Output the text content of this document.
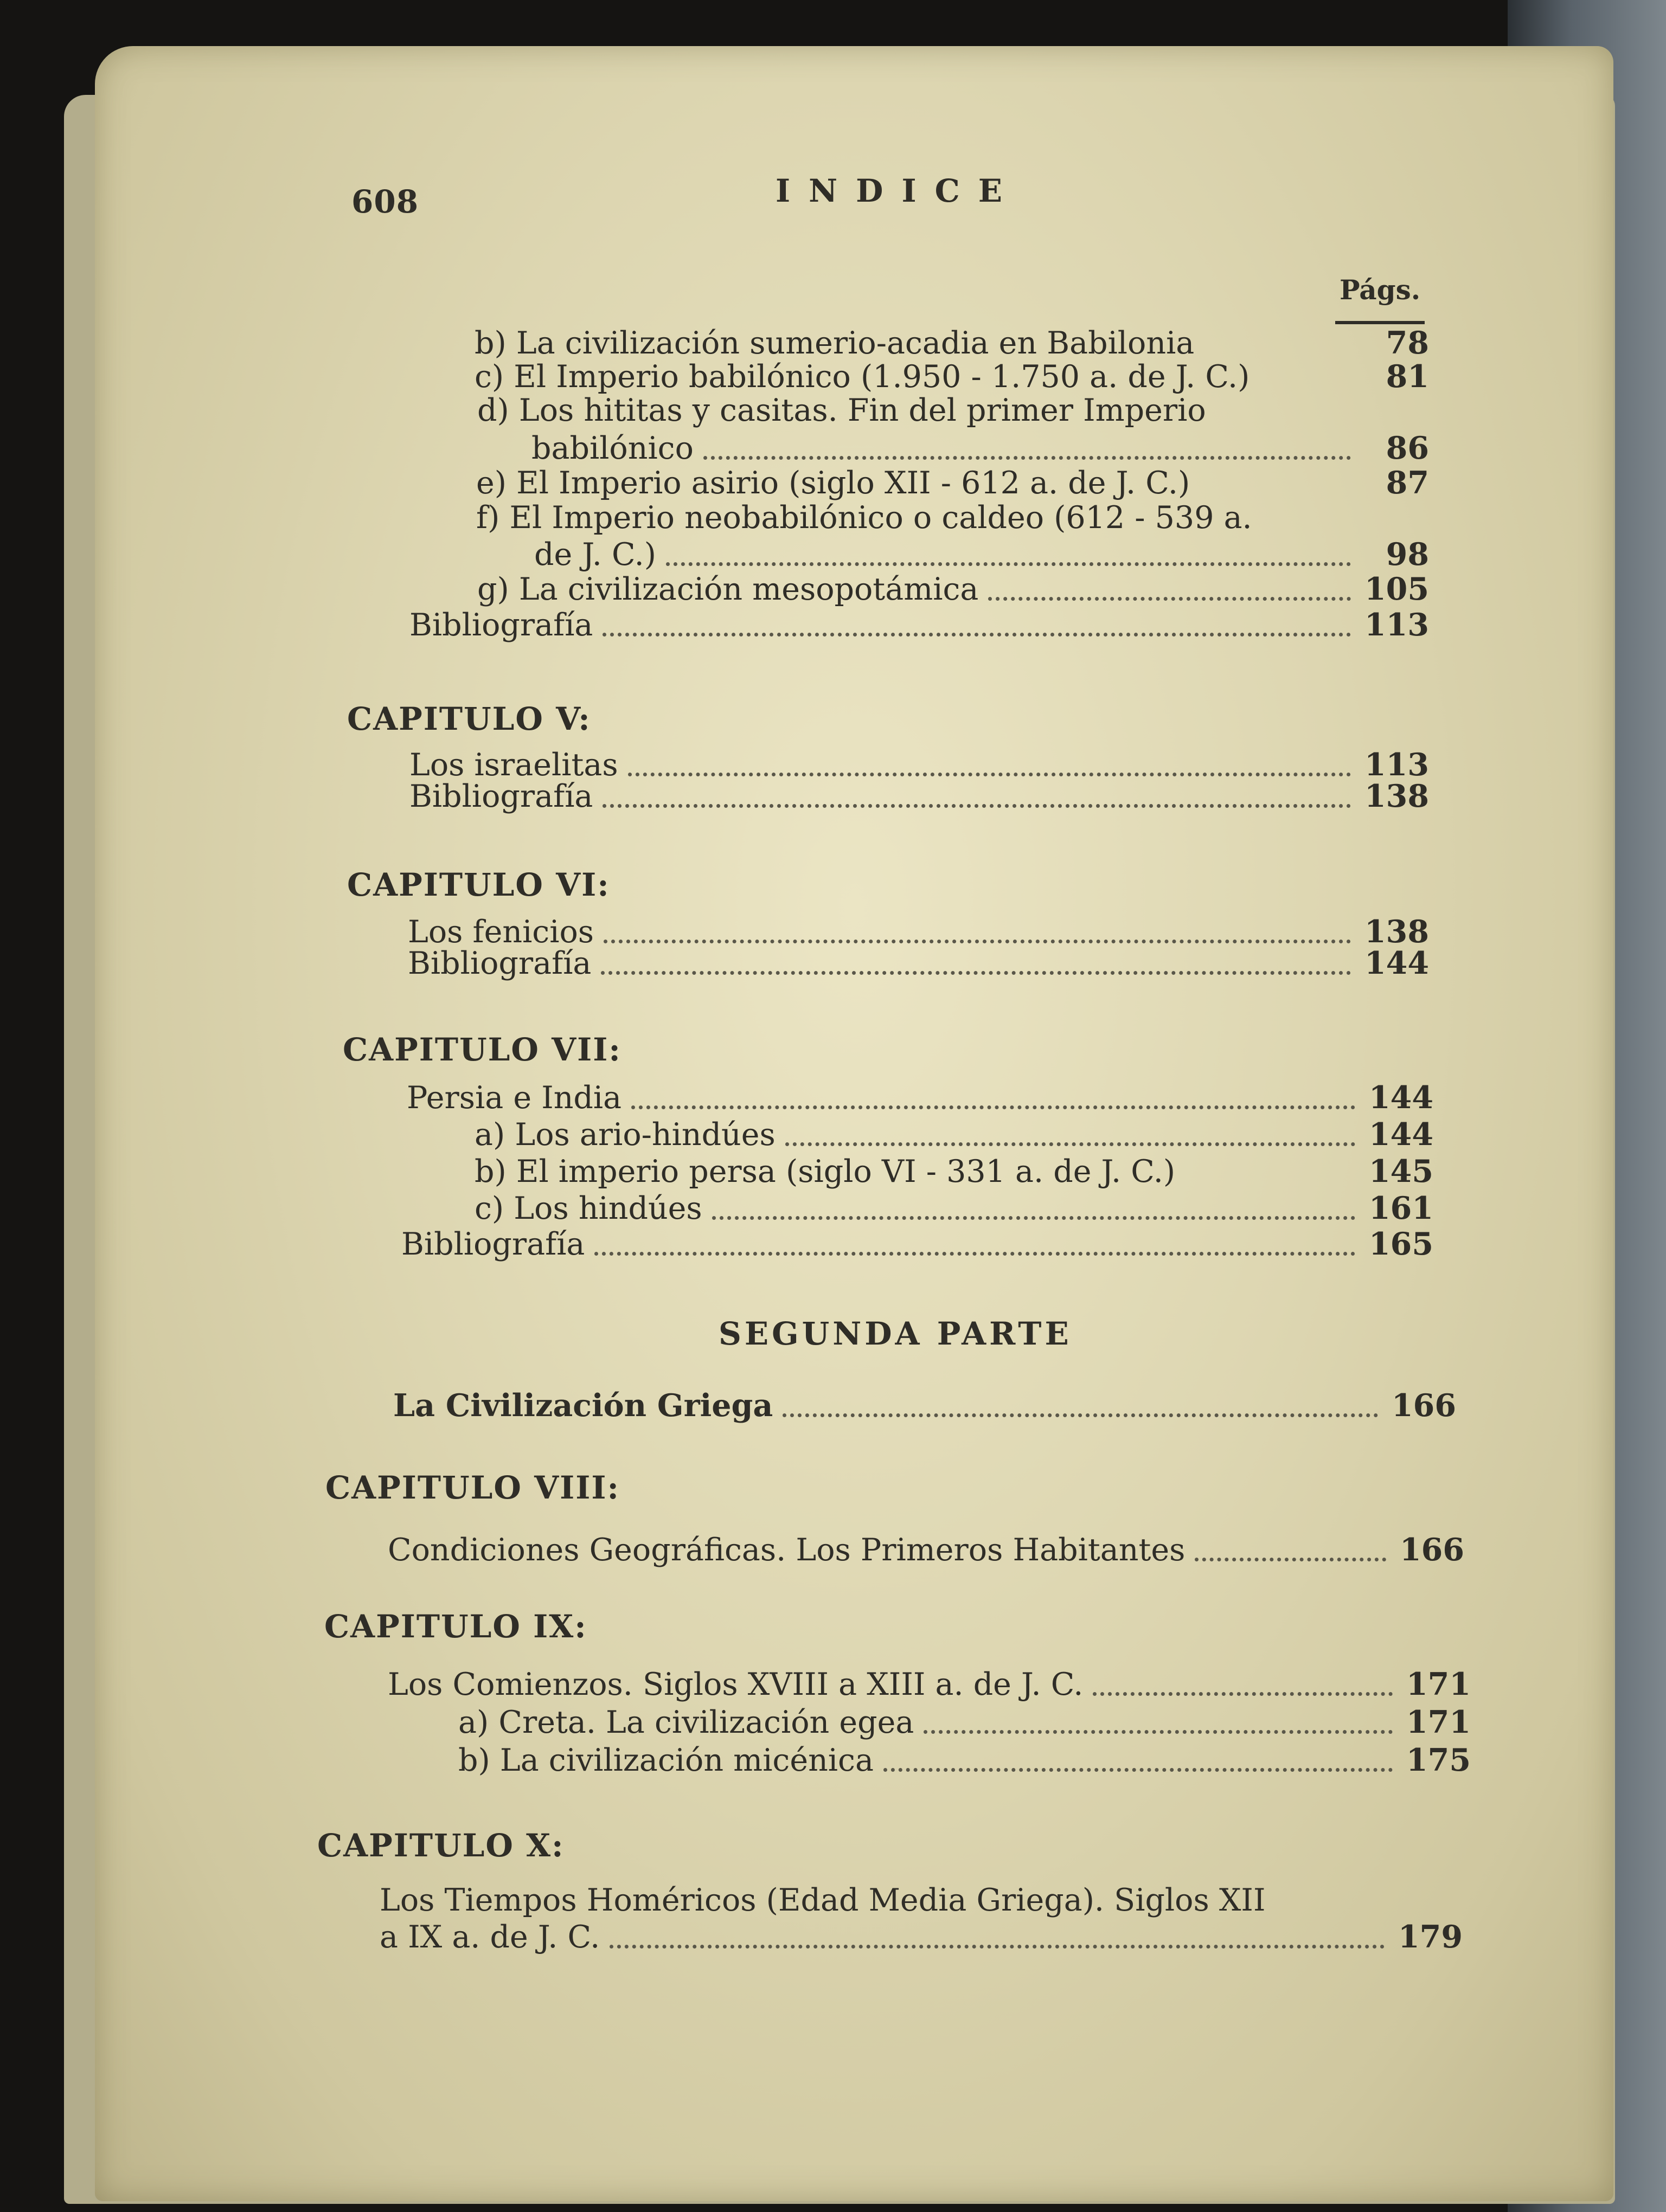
608	INDICE
Págs.
b) La civilización sumerio-acadia en Babilonia	78
c) El Imperio babilónico (1.950 - 1.750 a. de J. C.)	81
d) Los hititas y casitas. Fin del primer Imperio
babilónico	86
e) El Imperio asirio (siglo XII - 612 a. de J. C.)	87
f) El Imperio neobabilónico o caldeo (612 - 539 a.
de J. C.)	98
g) La civilización mesopotámica	105
Bibliografía	113
CAPITULO V:
Los israelitas	113
Bibliografía	138
CAPITULO VI:
Los fenicios	138
Bibliografía	144
CAPITULO VII:
Persia e India	144
a) Los ario-hindúes	144
b) El imperio persa (siglo VI - 331 a. de J. C.)	145
c) Los hindúes	161
Bibliografía	165
SEGUNDA PARTE
La Civilización Griega	166
CAPITULO VIII:
Condiciones Geográficas. Los Primeros Habitantes	166
CAPITULO IX:
Los Comienzos. Siglos XVIII a XIII a. de J. C.	171
a) Creta. La civilización egea	171
b) La civilización micénica	175
CAPITULO X:
Los Tiempos Homéricos (Edad Media Griega). Siglos XII
a IX a. de J. C.	179
